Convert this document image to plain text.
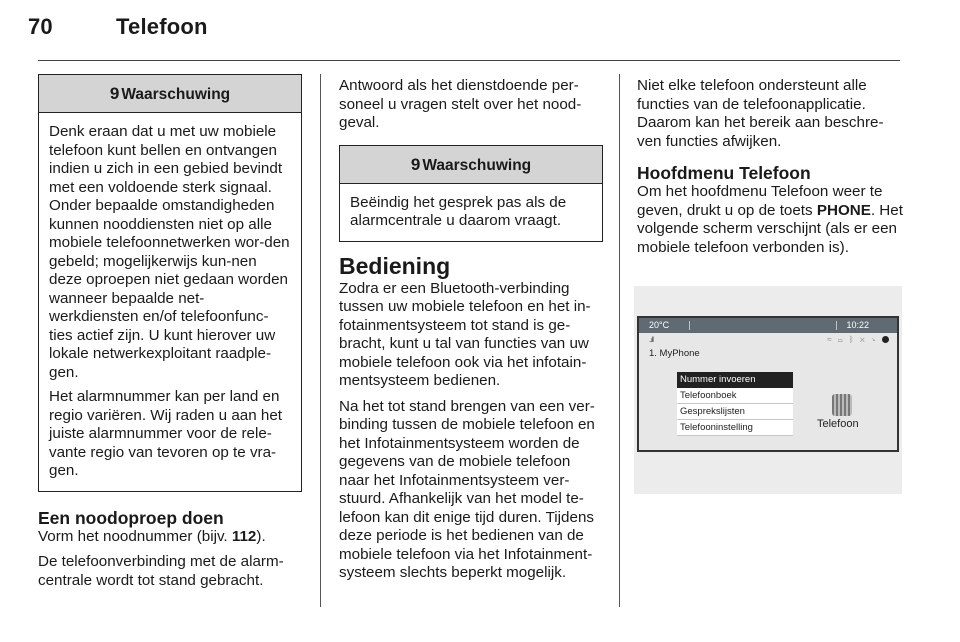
70	Telefoon
9 Waarschuwing

Denk eraan dat u met uw mobiele telefoon kunt bellen en ontvangen indien u zich in een gebied bevindt met een voldoende sterk signaal. Onder bepaalde omstandigheden kunnen nooddiensten niet op alle mobiele telefoonnetwerken wor-den gebeld; mogelijkerwijs kun-nen deze oproepen niet gedaan worden wanneer bepaalde net-werkdiensten en/of telefoonfunc-ties actief zijn. U kunt hierover uw lokale netwerkexploitant raadple-gen.

Het alarmnummer kan per land en regio variëren. Wij raden u aan het juiste alarmnummer voor de rele-vante regio van tevoren op te vra-gen.

Een noodoproep doen

Vorm het noodnummer (bijv. 112).

De telefoonverbinding met de alarm-centrale wordt tot stand gebracht.

Antwoord als het dienstdoende per-soneel u vragen stelt over het nood-geval.

9 Waarschuwing

Beëindig het gesprek pas als de alarmcentrale u daarom vraagt.

Bediening

Zodra er een Bluetooth-verbinding tussen uw mobiele telefoon en het in-fotainmentsysteem tot stand is ge-bracht, kunt u tal van functies van uw mobiele telefoon ook via het infotain-mentsysteem bedienen.

Na het tot stand brengen van een ver-binding tussen de mobiele telefoon en het Infotainmentsysteem worden de gegevens van de mobiele telefoon naar het Infotainmentsysteem ver-stuurd. Afhankelijk van het model te-lefoon kan dit enige tijd duren. Tijdens deze periode is het bedienen van de mobiele telefoon via het Infotainment-systeem slechts beperkt mogelijk.

Niet elke telefoon ondersteunt alle functies van de telefoonapplicatie. Daarom kan het bereik aan beschre-ven functies afwijken.

Hoofdmenu Telefoon

Om het hoofdmenu Telefoon weer te geven, drukt u op de toets PHONE. Het volgende scherm verschijnt (als er een mobiele telefoon verbonden is).

20°C	10:22
..ıll	≈ ▭ ᛒ ✕ ↘
1. MyPhone
Nummer invoeren
Telefoonboek
Gesprekslijsten
Telefooninstelling	Telefoon
